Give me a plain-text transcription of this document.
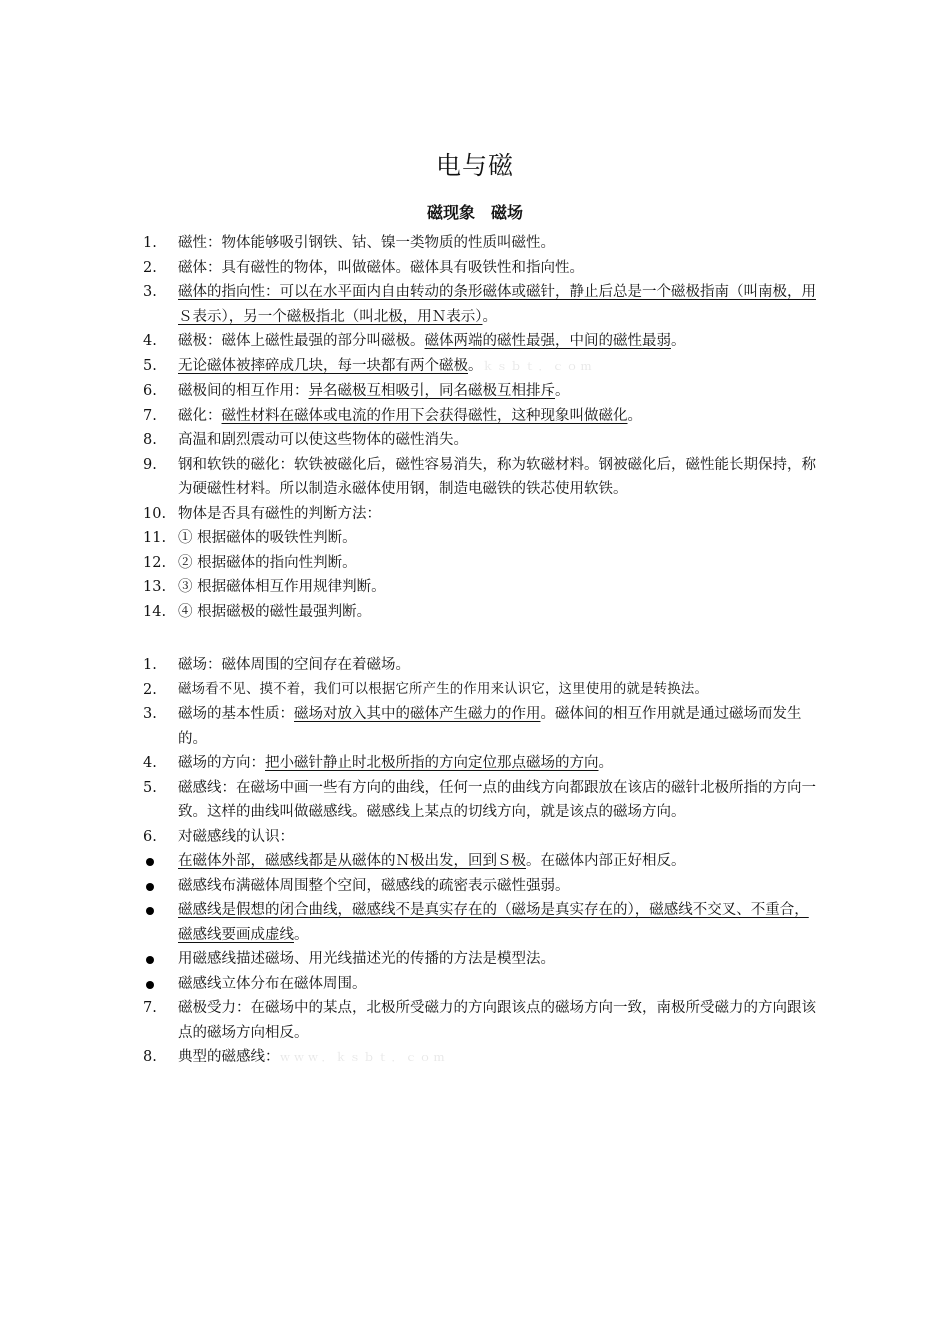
电与磁
磁现象　磁场
1.	磁性：物体能够吸引钢铁、钴、镍一类物质的性质叫磁性。
2.	磁体：具有磁性的物体，叫做磁体。磁体具有吸铁性和指向性。
3.	磁体的指向性：可以在水平面内自由转动的条形磁体或磁针，静止后总是一个磁极指南（叫南极，用Ｓ表示），另一个磁极指北（叫北极，用Ｎ表示）。
4.	磁极：磁体上磁性最强的部分叫磁极。磁体两端的磁性最强，中间的磁性最弱。
5.	无论磁体被摔碎成几块，每一块都有两个磁极。ｋｓｂｔ．ｃｏｍ
6.	磁极间的相互作用：异名磁极互相吸引，同名磁极互相排斥。
7.	磁化：磁性材料在磁体或电流的作用下会获得磁性，这种现象叫做磁化。
8.	高温和剧烈震动可以使这些物体的磁性消失。
9.	钢和软铁的磁化：软铁被磁化后，磁性容易消失，称为软磁材料。钢被磁化后，磁性能长期保持，称为硬磁性材料。所以制造永磁体使用钢，制造电磁铁的铁芯使用软铁。
10. 物体是否具有磁性的判断方法：
11. ① 根据磁体的吸铁性判断。
12. ② 根据磁体的指向性判断。
13. ③ 根据磁体相互作用规律判断。
14. ④ 根据磁极的磁性最强判断。
1.	磁场：磁体周围的空间存在着磁场。
2.	磁场看不见、摸不着，我们可以根据它所产生的作用来认识它，这里使用的就是转换法。
3.	磁场的基本性质：磁场对放入其中的磁体产生磁力的作用。磁体间的相互作用就是通过磁场而发生的。
4.	磁场的方向：把小磁针静止时北极所指的方向定位那点磁场的方向。
5.	磁感线：在磁场中画一些有方向的曲线，任何一点的曲线方向都跟放在该店的磁针北极所指的方向一致。这样的曲线叫做磁感线。磁感线上某点的切线方向，就是该点的磁场方向。
6.	对磁感线的认识：
在磁体外部，磁感线都是从磁体的Ｎ极出发，回到Ｓ极。在磁体内部正好相反。
磁感线布满磁体周围整个空间，磁感线的疏密表示磁性强弱。
磁感线是假想的闭合曲线，磁感线不是真实存在的（磁场是真实存在的），磁感线不交叉、不重合，磁感线要画成虚线。
用磁感线描述磁场、用光线描述光的传播的方法是模型法。
磁感线立体分布在磁体周围。
7.	磁极受力：在磁场中的某点，北极所受磁力的方向跟该点的磁场方向一致，南极所受磁力的方向跟该点的磁场方向相反。
8.	典型的磁感线：ｗｗｗ．ｋｓｂｔ．ｃｏｍ
